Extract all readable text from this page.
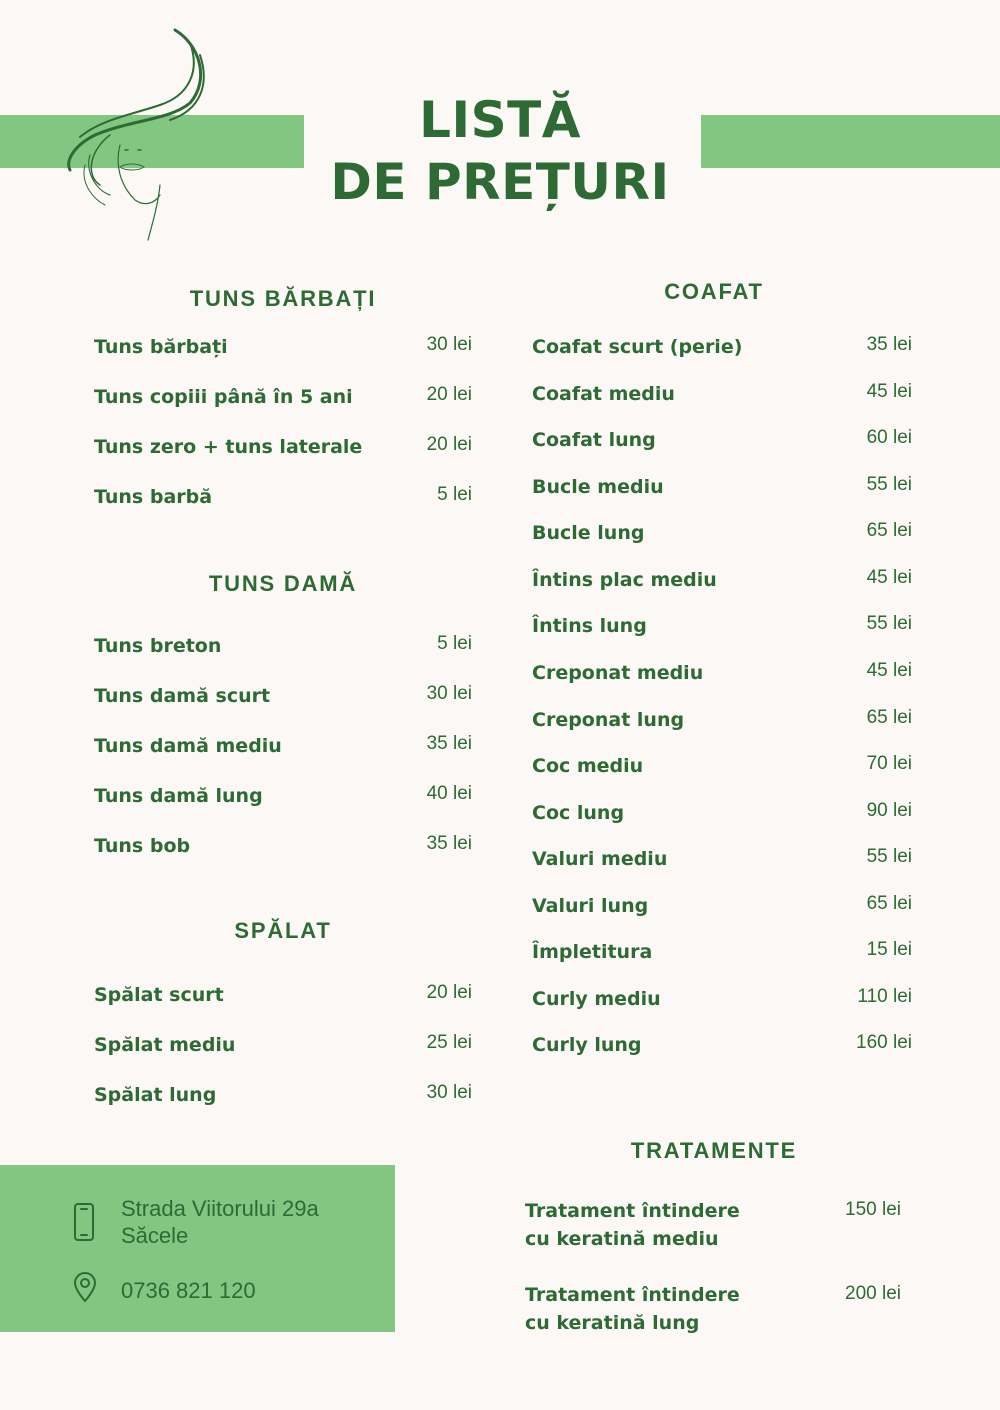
LISTĂ
DE PREȚURI
TUNS BĂRBAȚI
Tuns bărbați	30 lei
Tuns copiii până în 5 ani	20 lei
Tuns zero + tuns laterale	20 lei
Tuns barbă	5 lei
TUNS DAMĂ
Tuns breton	5 lei
Tuns damă scurt	30 lei
Tuns damă mediu	35 lei
Tuns damă lung	40 lei
Tuns bob	35 lei
SPĂLAT
Spălat scurt	20 lei
Spălat mediu	25 lei
Spălat lung	30 lei
COAFAT
Coafat scurt (perie)	35 lei
Coafat mediu	45 lei
Coafat lung	60 lei
Bucle mediu	55 lei
Bucle lung	65 lei
Întins plac mediu	45 lei
Întins lung	55 lei
Creponat mediu	45 lei
Creponat lung	65 lei
Coc mediu	70 lei
Coc lung	90 lei
Valuri mediu	55 lei
Valuri lung	65 lei
Împletitura	15 lei
Curly mediu	110 lei
Curly lung	160 lei
TRATAMENTE
Tratament întindere
cu keratină mediu
150 lei
Tratament întindere
cu keratină lung
200 lei
Strada Viitorului 29a
Săcele
0736 821 120
